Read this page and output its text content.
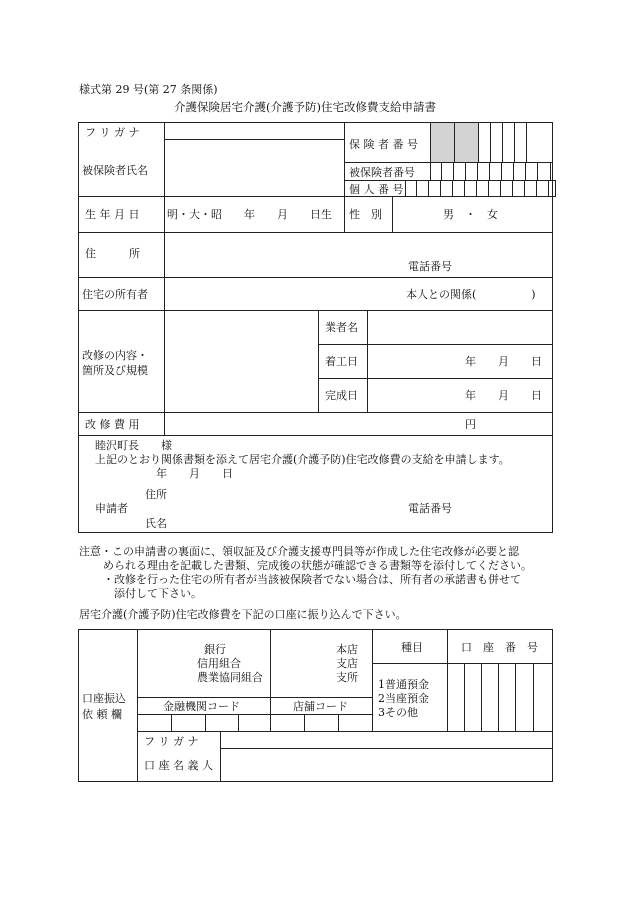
様式第 29 号(第 27 条関係)
介護保険居宅介護(介護予防)住宅改修費支給申請書
フ リ ガ ナ
被保険者氏名
保 険 者 番 号
被保険者番号
個 人 番 号
生 年 月 日	明・大・昭　　年　　月　　日生 性　別	男　・　女
住　　　所
電話番号
住宅の所有者	本人との関係(　　　　　)
改修の内容・
箇所及び規模
業者名
着工日	年　　月　　日
完成日	年　　月　　日
改 修 費 用	円
睦沢町長　　様
上記のとおり関係書類を添えて居宅介護(介護予防)住宅改修費の支給を申請します。
年　　月　　日
住所
申請者	電話番号
氏名
注意・この申請書の裏面に、領収証及び介護支援専門員等が作成した住宅改修が必要と認
められる理由を記載した書類、完成後の状態が確認できる書類等を添付してください。
・改修を行った住宅の所有者が当該被保険者でない場合は、所有者の承諾書も併せて
添付して下さい。
居宅介護(介護予防)住宅改修費を下記の口座に振り込んで下さい。
口座振込
依 頼 欄
銀行
信用組合
農業協同組合
本店
支店
支所
種目	口　座　番　号
1普通預金
2当座預金
3その他
金融機関コード	店舗コード
フ リ ガ ナ
口 座 名 義 人
